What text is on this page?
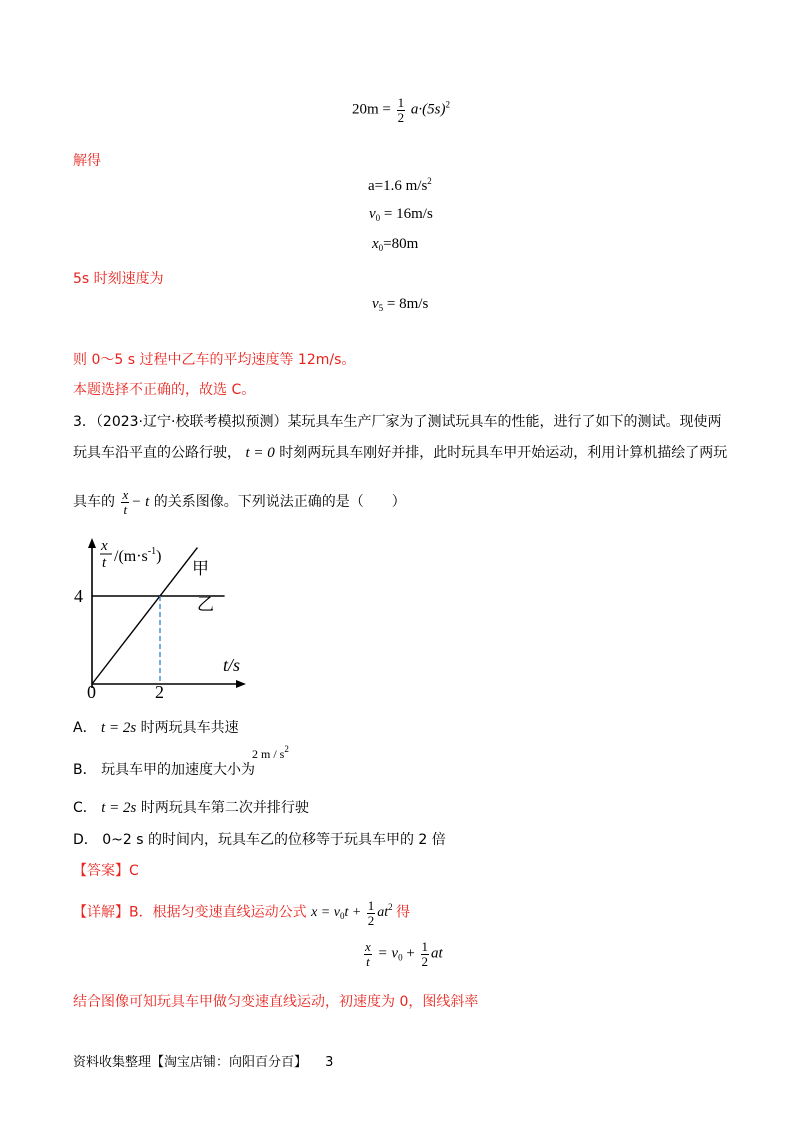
$20m = \frac{1}{2} a\cdot(5s)^2$
解得
a=1.6 $m/s^2$
$v_0 = 16m/s$
$x_0=80m$
5s 时刻速度为
$v_5 = 8m/s$
则 0～5 s 过程中乙车的平均速度等 12m/s。
本题选择不正确的，故选 C。
3．（2023·辽宁·校联考模拟预测）某玩具车生产厂家为了测试玩具车的性能，进行了如下的测试。现使两
玩具车沿平直的公路行驶， t = 0 时刻两玩具车刚好并排，此时玩具车甲开始运动，利用计算机描绘了两玩
具车的 $\frac{x}{t} - t$ 的关系图像。下列说法正确的是（　　）
x
t $/(m\cdot s^{-1})$
甲
乙
4
2
0
t/s
A． t = 2s 时两玩具车共速
B． 玩具车甲的加速度大小为
2 m / $s^2$
C． t = 2s 时两玩具车第二次并排行驶
D． 0~2 s 的时间内，玩具车乙的位移等于玩具车甲的 2 倍
【答案】C
【详解】B．根据匀变速直线运动公式 $x = v_0t + \frac{1}{2} at^2$ 得
$\frac{x}{t} = v_0 + \frac{1}{2}$ at
结合图像可知玩具车甲做匀变速直线运动，初速度为 0，图线斜率
资料收集整理【淘宝店铺：向阳百分百】 3
